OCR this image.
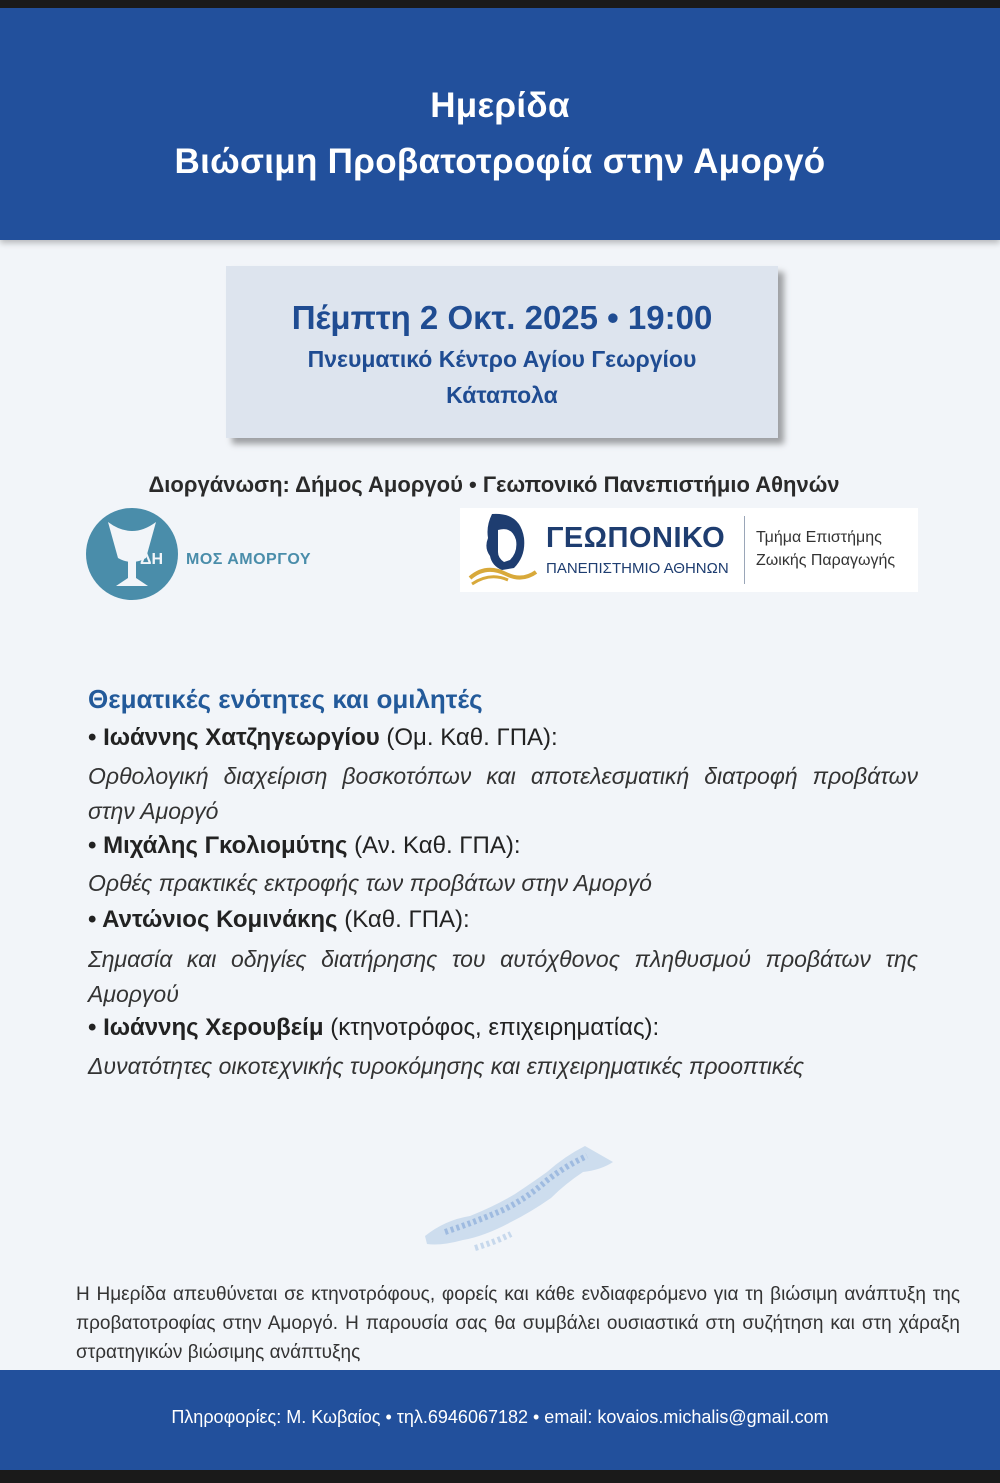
Ημερίδα
Βιώσιμη Προβατοτροφία στην Αμοργό
Πέμπτη 2 Οκτ. 2025 • 19:00
Πνευματικό Κέντρο Αγίου Γεωργίου
Κάταπολα
Διοργάνωση: Δήμος Αμοργού • Γεωπονικό Πανεπιστήμιο Αθηνών
ΔΗ ΜΟΣ ΑΜΟΡΓΟΥ
ΓΕΩΠΟΝΙΚΟ
ΠΑΝΕΠΙΣΤΗΜΙΟ ΑΘΗΝΩΝ
Τμήμα Επιστήμης
Ζωικής Παραγωγής
Θεματικές ενότητες και ομιλητές
• Ιωάννης Χατζηγεωργίου (Ομ. Καθ. ΓΠΑ):
Ορθολογική διαχείριση βοσκοτόπων και αποτελεσματική διατροφή προβάτων στην Αμοργό
• Μιχάλης Γκολιομύτης (Αν. Καθ. ΓΠΑ):
Ορθές πρακτικές εκτροφής των προβάτων στην Αμοργό
• Αντώνιος Κομινάκης (Καθ. ΓΠΑ):
Σημασία και οδηγίες διατήρησης του αυτόχθονος πληθυσμού προβάτων της Αμοργού
• Ιωάννης Χερουβείμ (κτηνοτρόφος, επιχειρηματίας):
Δυνατότητες οικοτεχνικής τυροκόμησης και επιχειρηματικές προοπτικές
Η Ημερίδα απευθύνεται σε κτηνοτρόφους, φορείς και κάθε ενδιαφερόμενο για τη βιώσιμη ανάπτυξη της προβατοτροφίας στην Αμοργό. Η παρουσία σας θα συμβάλει ουσιαστικά στη συζήτηση και στη χάραξη στρατηγικών βιώσιμης ανάπτυξης
Πληροφορίες: Μ. Κωβαίος • τηλ.6946067182 • email: kovaios.michalis@gmail.com
